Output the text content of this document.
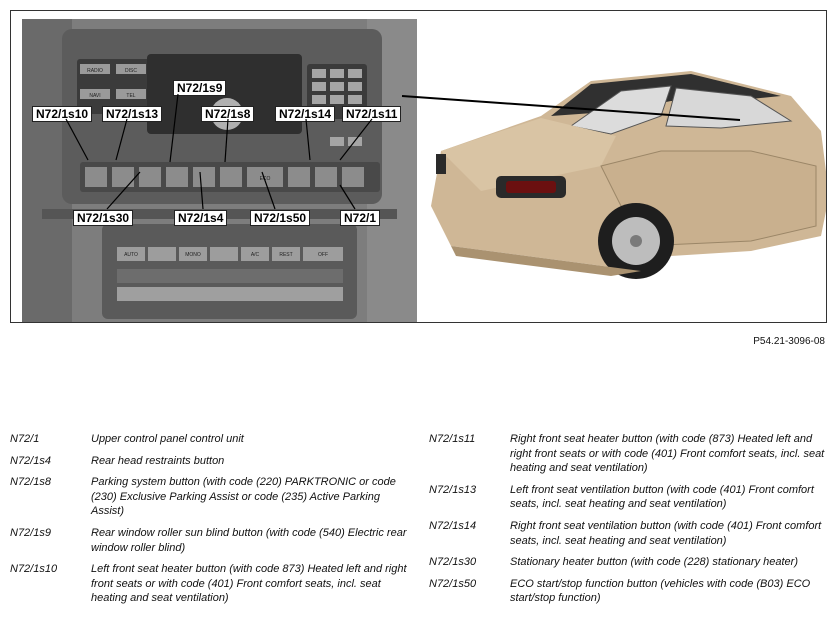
RADIO	DISC
NAVI	TEL
ECO
AUTO	MONO	A/C	REST	OFF
N72/1s9
N72/1s10	N72/1s13	N72/1s8	N72/1s14	N72/1s11
N72/1s30	N72/1s4	N72/1s50	N72/1
P54.21-3096-08
N72/1	Upper control panel control unit
N72/1s4	Rear head restraints button
N72/1s8	Parking system button (with code (220) PARKTRONIC or code (230) Exclusive Parking Assist or code (235) Active Parking Assist)
N72/1s9	Rear window roller sun blind button (with code (540) Electric rear window roller blind)
N72/1s10	Left front seat heater button (with code 873) Heated left and right front seats or with code (401) Front comfort seats, incl. seat heating and seat ventilation)
N72/1s11	Right front seat heater button (with code (873) Heated left and right front seats or with code (401) Front comfort seats, incl. seat heating and seat ventilation)
N72/1s13	Left front seat ventilation button (with code (401) Front comfort seats, incl. seat heating and seat ventilation)
N72/1s14	Right front seat ventilation button (with code (401) Front comfort seats, incl. seat heating and seat ventilation)
N72/1s30	Stationary heater button (with code (228) stationary heater)
N72/1s50	ECO start/stop function button (vehicles with code (B03) ECO start/stop function)
